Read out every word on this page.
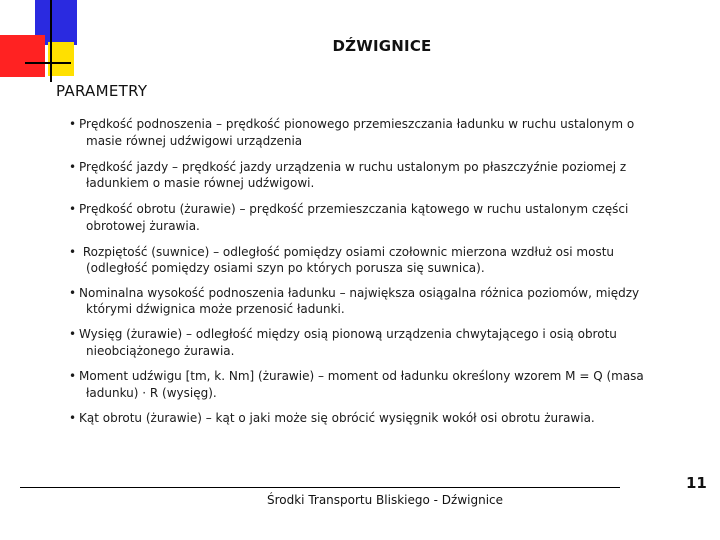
DŹWIGNICE
PARAMETRY
• Prędkość podnoszenia – prędkość pionowego przemieszczania ładunku w ruchu ustalonym o masie równej udźwigowi urządzenia
• Prędkość jazdy – prędkość jazdy urządzenia w ruchu ustalonym po płaszczyźnie poziomej z ładunkiem o masie równej udźwigowi.
• Prędkość obrotu (żurawie) – prędkość przemieszczania kątowego w ruchu ustalonym części obrotowej żurawia.
• Rozpiętość (suwnice) – odległość pomiędzy osiami czołownic mierzona wzdłuż osi mostu (odległość pomiędzy osiami szyn po których porusza się suwnica).
• Nominalna wysokość podnoszenia ładunku – największa osiągalna różnica poziomów, między którymi dźwignica może przenosić ładunki.
• Wysięg (żurawie) – odległość między osią pionową urządzenia chwytającego i osią obrotu nieobciążonego żurawia.
• Moment udźwigu [tm, k. Nm] (żurawie) – moment od ładunku określony wzorem M = Q (masa ładunku) · R (wysięg).
• Kąt obrotu (żurawie) – kąt o jaki może się obrócić wysięgnik wokół osi obrotu żurawia.
Środki Transportu Bliskiego - Dźwignice
11
